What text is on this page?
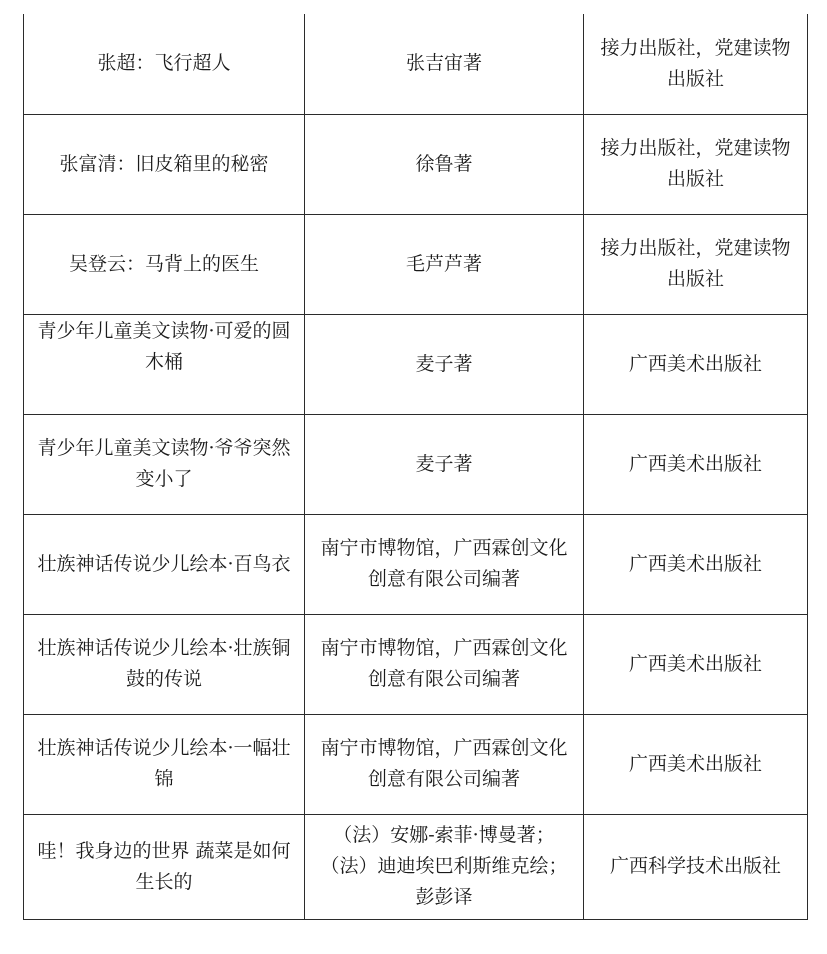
张超：飞行超人	张吉宙著	接力出版社，党建读物出版社
张富清：旧皮箱里的秘密	徐鲁著	接力出版社，党建读物出版社
吴登云：马背上的医生	毛芦芦著	接力出版社，党建读物出版社
青少年儿童美文读物·可爱的圆木桶	麦子著	广西美术出版社
青少年儿童美文读物·爷爷突然变小了	麦子著	广西美术出版社
壮族神话传说少儿绘本·百鸟衣	南宁市博物馆，广西霖创文化创意有限公司编著	广西美术出版社
壮族神话传说少儿绘本·壮族铜鼓的传说	南宁市博物馆，广西霖创文化创意有限公司编著	广西美术出版社
壮族神话传说少儿绘本·一幅壮锦	南宁市博物馆，广西霖创文化创意有限公司编著	广西美术出版社
哇！我身边的世界 蔬菜是如何生长的	（法）安娜-索菲·博曼著；（法）迪迪埃巴利斯维克绘；彭彭译	广西科学技术出版社
